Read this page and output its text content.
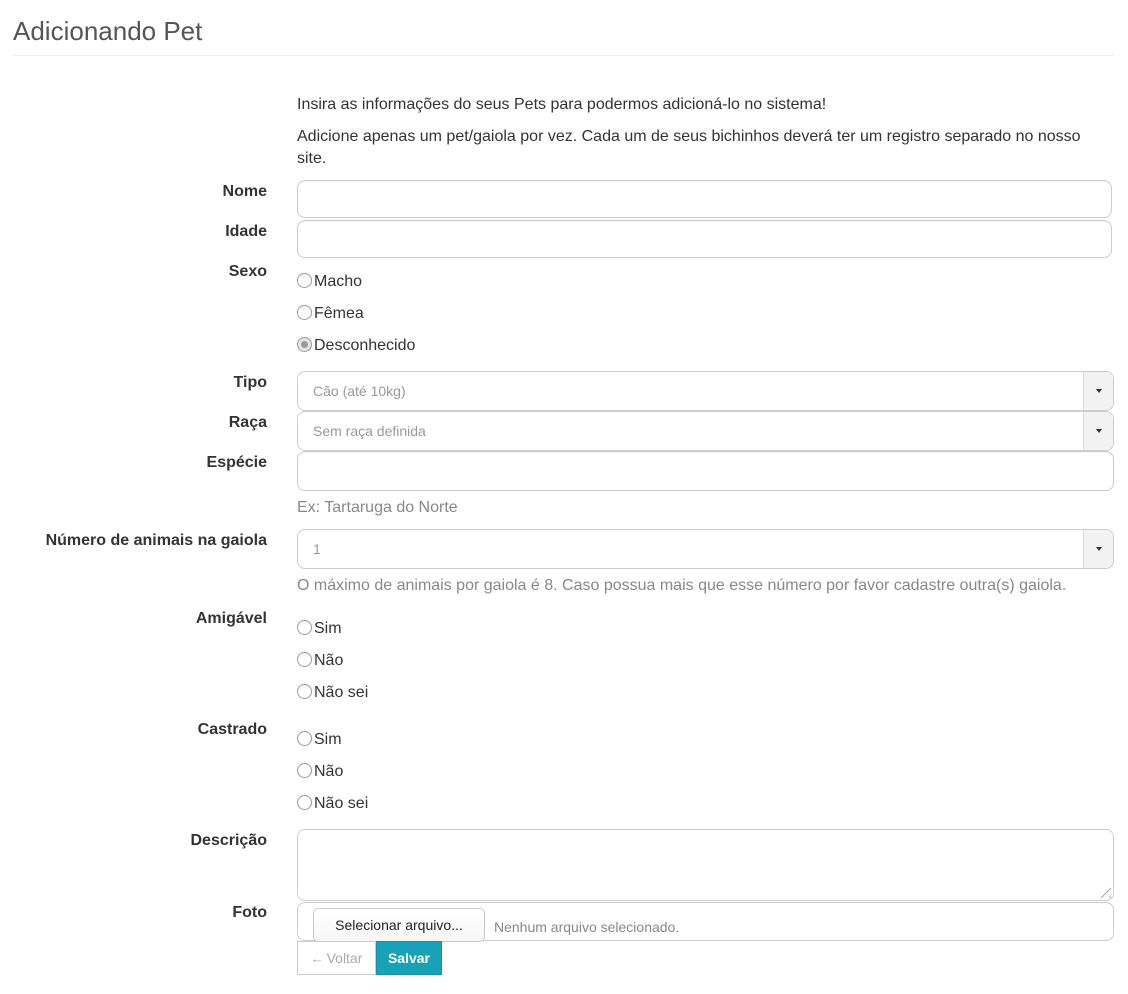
Adicionando Pet
Insira as informações do seus Pets para podermos adicioná-lo no sistema!
Adicione apenas um pet/gaiola por vez. Cada um de seus bichinhos deverá ter um registro separado no nosso site.
Nome
Idade
Sexo
Macho
Fêmea
Desconhecido
Tipo	Cão (até 10kg)
Raça	Sem raça definida
Espécie
Ex: Tartaruga do Norte
Número de animais na gaiola	1
O máximo de animais por gaiola é 8. Caso possua mais que esse número por favor cadastre outra(s) gaiola.
Amigável
Sim
Não
Não sei
Castrado
Sim
Não
Não sei
Descrição
Foto
Selecionar arquivo...	Nenhum arquivo selecionado.
← Voltar	Salvar
